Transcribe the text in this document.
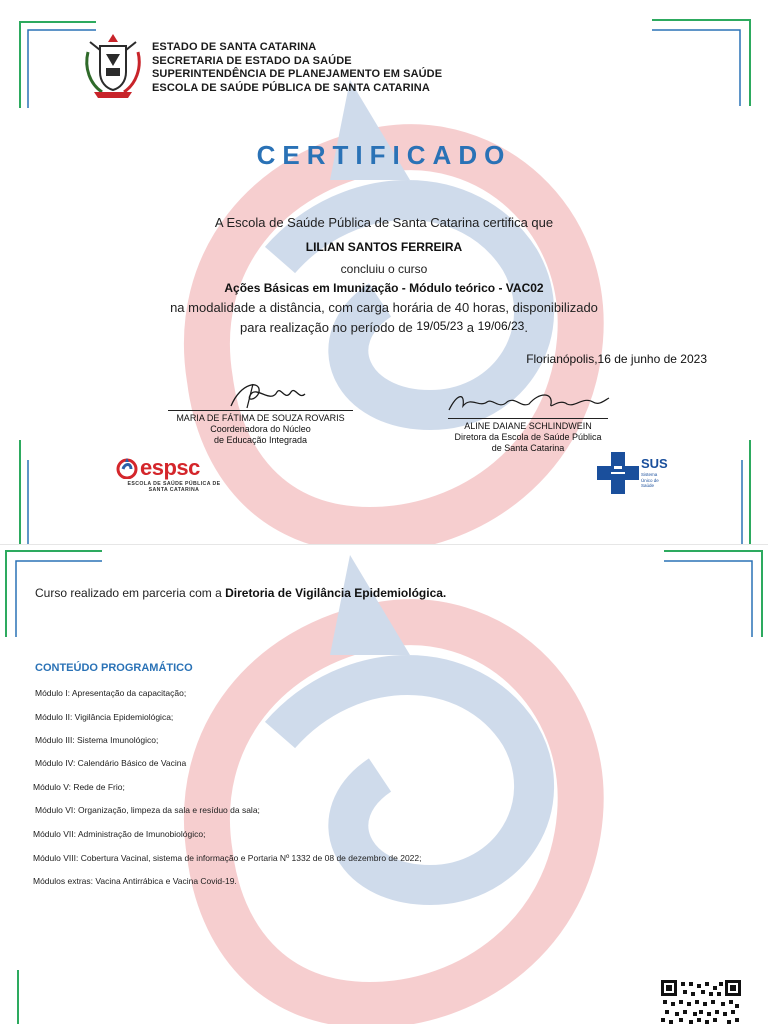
ESTADO DE SANTA CATARINA
SECRETARIA DE ESTADO DA SAÚDE
SUPERINTENDÊNCIA DE PLANEJAMENTO EM SAÚDE
ESCOLA DE SAÚDE PÚBLICA DE SANTA CATARINA
CERTIFICADO
A Escola de Saúde Pública de Santa Catarina certifica que
LILIAN SANTOS FERREIRA
concluiu o curso
Ações Básicas em Imunização - Módulo teórico - VAC02
na modalidade a distância, com carga horária de 40 horas, disponibilizado
para realização no período de 19/05/23 a 19/06/23.
Florianópolis,16 de junho de 2023
MARIA DE FÁTIMA DE SOUZA ROVARIS
Coordenadora do Núcleo
de Educação Integrada
ALINE DAIANE SCHLINDWEIN
Diretora da Escola de Saúde Pública
de Santa Catarina
espsc
ESCOLA DE SAÚDE PÚBLICA DE SANTA CATARINA
SUS
Sistema Único de Saúde
Curso realizado em parceria com a Diretoria de Vigilância Epidemiológica.
CONTEÚDO PROGRAMÁTICO
Módulo I: Apresentação da capacitação;
Módulo II: Vigilância Epidemiológica;
Módulo III: Sistema Imunológico;
Módulo IV: Calendário Básico de Vacina
Módulo V: Rede de Frio;
Módulo VI: Organização, limpeza da sala e resíduo da sala;
Módulo VII: Administração de Imunobiológico;
Módulo VIII: Cobertura Vacinal, sistema de informação e Portaria Nº 1332 de 08 de dezembro de 2022;
Módulos extras: Vacina Antirrábica e Vacina Covid-19.
